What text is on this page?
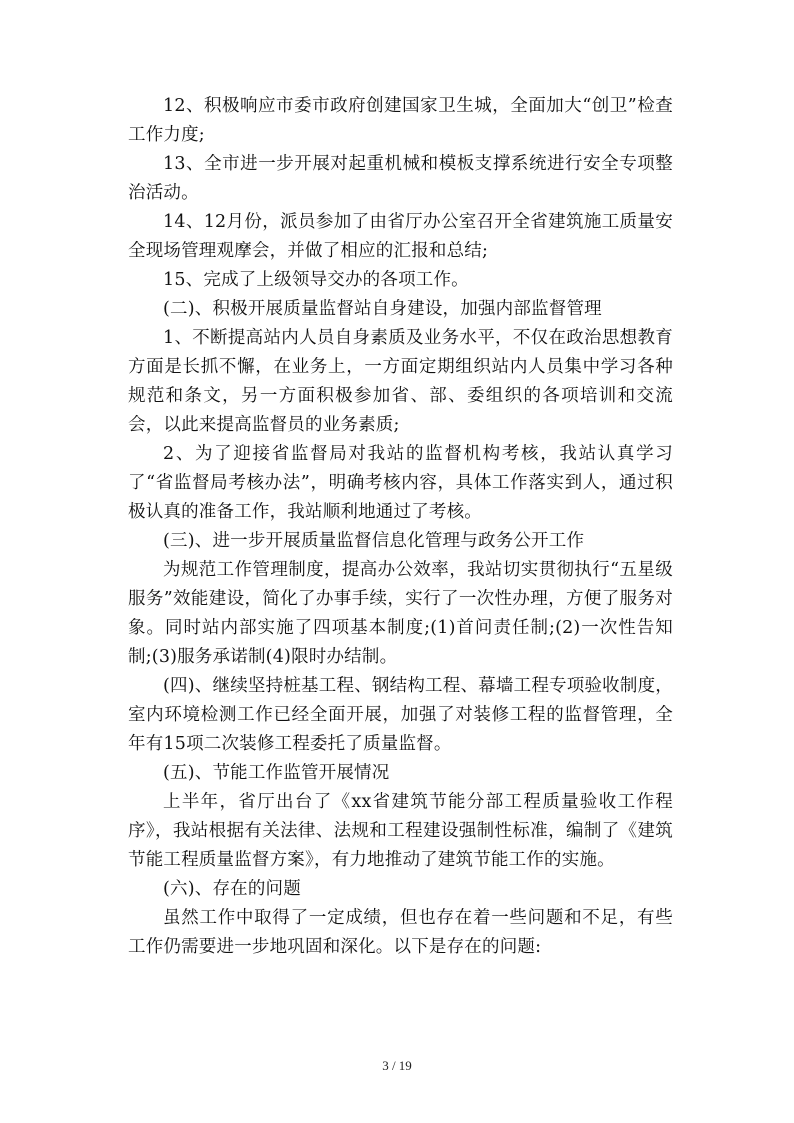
12、积极响应市委市政府创建国家卫生城，全面加大“创卫”检查工作力度;

13、全市进一步开展对起重机械和模板支撑系统进行安全专项整治活动。

14、12月份，派员参加了由省厅办公室召开全省建筑施工质量安全现场管理观摩会，并做了相应的汇报和总结;

15、完成了上级领导交办的各项工作。

(二)、积极开展质量监督站自身建设，加强内部监督管理

1、不断提高站内人员自身素质及业务水平，不仅在政治思想教育方面是长抓不懈，在业务上，一方面定期组织站内人员集中学习各种规范和条文，另一方面积极参加省、部、委组织的各项培训和交流会，以此来提高监督员的业务素质;

2、为了迎接省监督局对我站的监督机构考核，我站认真学习了“省监督局考核办法”，明确考核内容，具体工作落实到人，通过积极认真的准备工作，我站顺利地通过了考核。

(三)、进一步开展质量监督信息化管理与政务公开工作

为规范工作管理制度，提高办公效率，我站切实贯彻执行“五星级服务”效能建设，简化了办事手续，实行了一次性办理，方便了服务对象。同时站内部实施了四项基本制度;(1)首问责任制;(2)一次性告知制;(3)服务承诺制(4)限时办结制。

(四)、继续坚持桩基工程、钢结构工程、幕墙工程专项验收制度，室内环境检测工作已经全面开展，加强了对装修工程的监督管理，全年有15项二次装修工程委托了质量监督。

(五)、节能工作监管开展情况

上半年，省厅出台了《xx省建筑节能分部工程质量验收工作程序》，我站根据有关法律、法规和工程建设强制性标准，编制了《建筑节能工程质量监督方案》，有力地推动了建筑节能工作的实施。

(六)、存在的问题

虽然工作中取得了一定成绩，但也存在着一些问题和不足，有些工作仍需要进一步地巩固和深化。以下是存在的问题:

3 / 19
